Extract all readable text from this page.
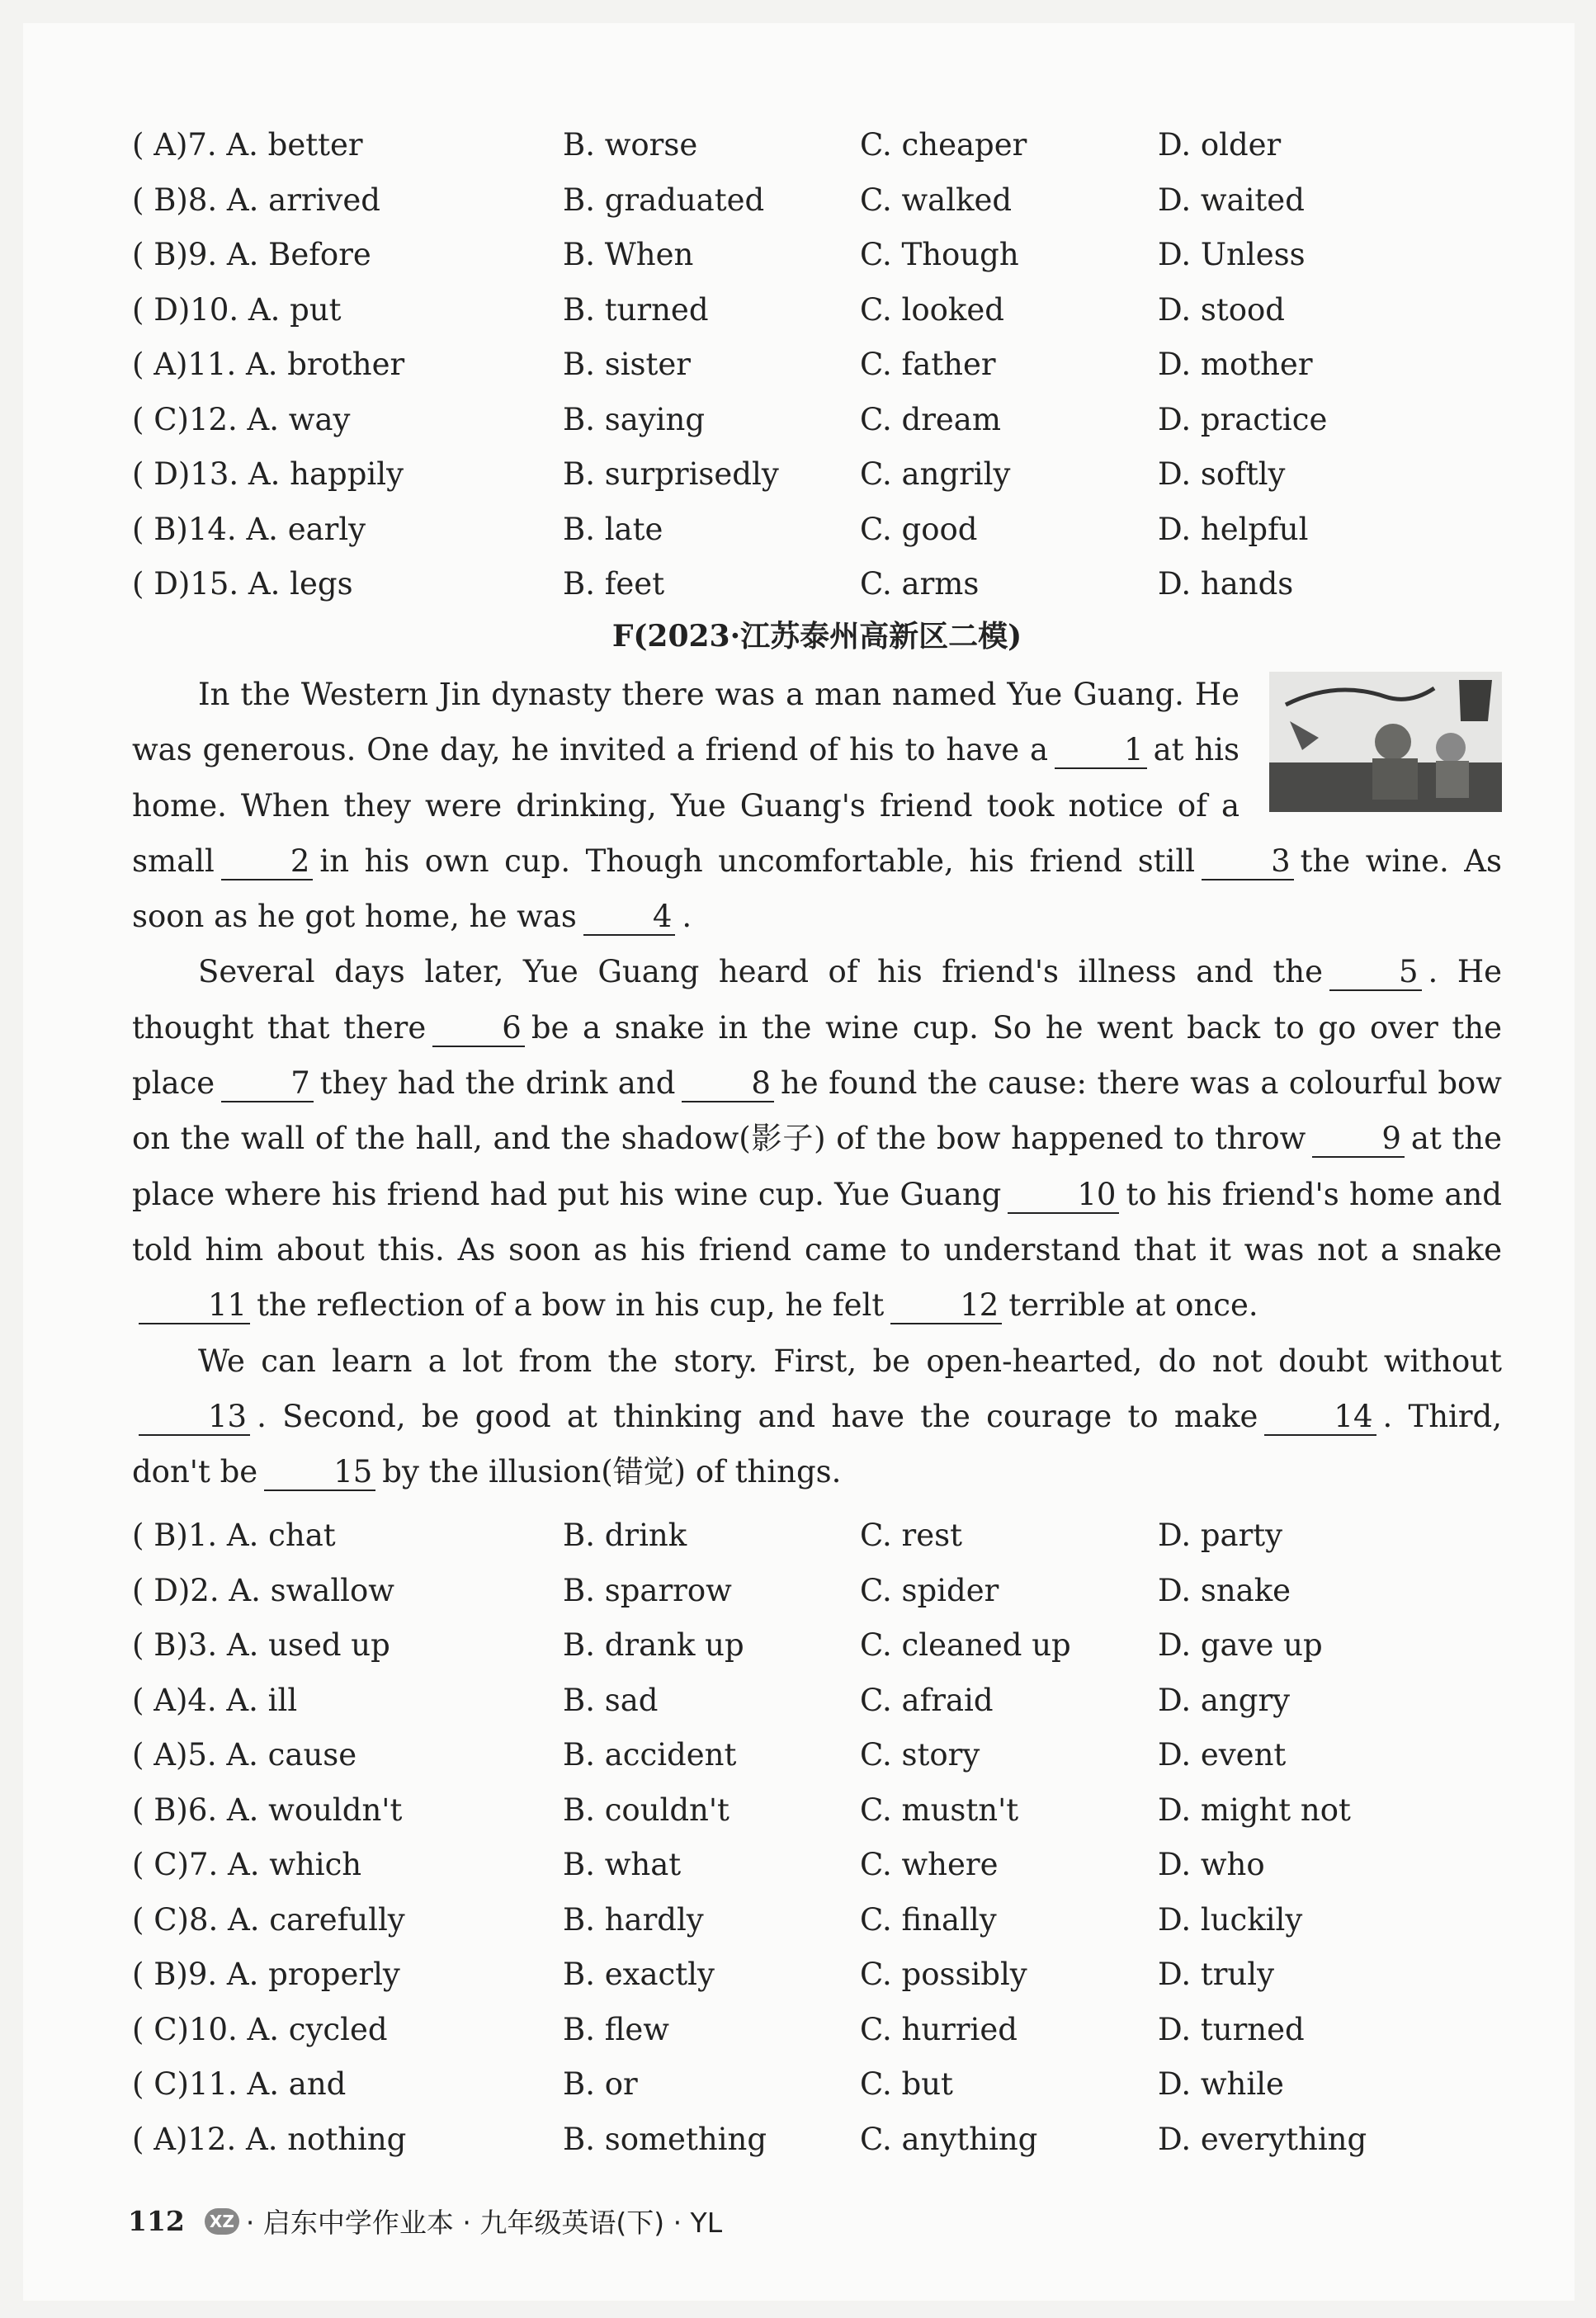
( A)7. A. better	B. worse	C. cheaper	D. older
( B)8. A. arrived	B. graduated	C. walked	D. waited
( B)9. A. Before	B. When	C. Though	D. Unless
( D)10. A. put	B. turned	C. looked	D. stood
( A)11. A. brother	B. sister	C. father	D. mother
( C)12. A. way	B. saying	C. dream	D. practice
( D)13. A. happily	B. surprisedly	C. angrily	D. softly
( B)14. A. early	B. late	C. good	D. helpful
( D)15. A. legs	B. feet	C. arms	D. hands
F(2023·江苏泰州高新区二模)

In the Western Jin dynasty there was a man named Yue Guang. He was generous. One day, he invited a friend of his to have a 1 at his home. When they were drinking, Yue Guang's friend took notice of a small 2 in his own cup. Though uncomfortable, his friend still 3 the wine. As soon as he got home, he was 4 .

Several days later, Yue Guang heard of his friend's illness and the 5 . He thought that there 6 be a snake in the wine cup. So he went back to go over the place 7 they had the drink and 8 he found the cause: there was a colourful bow on the wall of the hall, and the shadow(影子) of the bow happened to throw 9 at the place where his friend had put his wine cup. Yue Guang 10 to his friend's home and told him about this. As soon as his friend came to understand that it was not a snake11 the reflection of a bow in his cup, he felt 12 terrible at once.

We can learn a lot from the story. First, be open-hearted, do not doubt without13 . Second, be good at thinking and have the courage to make 14 . Third, don't be 15 by the illusion(错觉) of things.

( B)1. A. chat	B. drink	C. rest	D. party
( D)2. A. swallow	B. sparrow	C. spider	D. snake
( B)3. A. used up	B. drank up	C. cleaned up	D. gave up
( A)4. A. ill	B. sad	C. afraid	D. angry
( A)5. A. cause	B. accident	C. story	D. event
( B)6. A. wouldn't	B. couldn't	C. mustn't	D. might not
( C)7. A. which	B. what	C. where	D. who
( C)8. A. carefully	B. hardly	C. finally	D. luckily
( B)9. A. properly	B. exactly	C. possibly	D. truly
( C)10. A. cycled	B. flew	C. hurried	D. turned
( C)11. A. and	B. or	C. but	D. while
( A)12. A. nothing	B. something	C. anything	D. everything
112	XZ · 启东中学作业本 · 九年级英语(下) · YL
